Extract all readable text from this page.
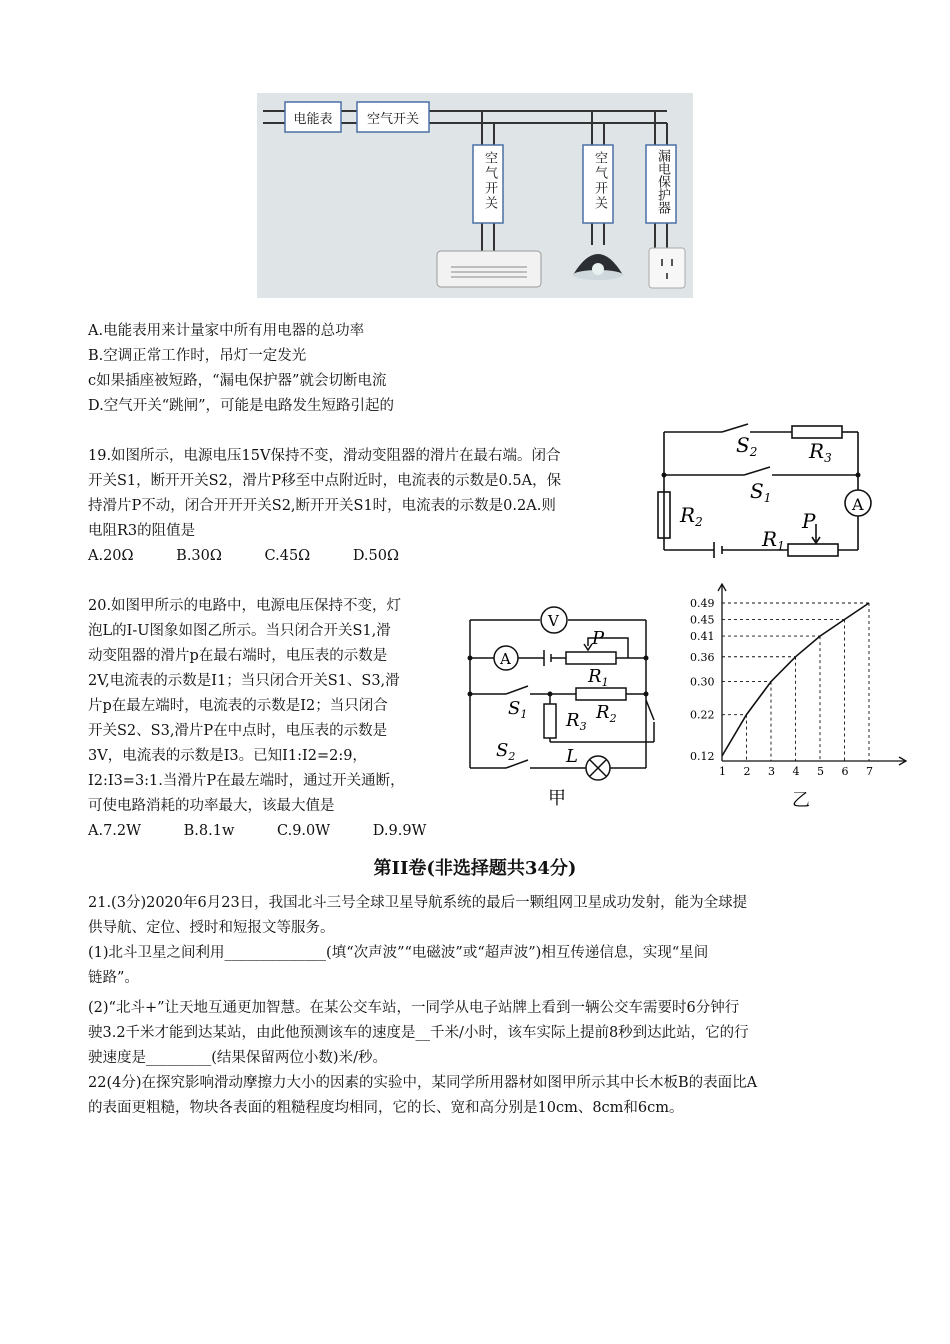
电能表	空气开关
空气开关	空气开关	漏电保护器
A.电能表用来计量家中所有用电器的总功率
B.空调正常工作时，吊灯一定发光
c如果插座被短路，“漏电保护器”就会切断电流
D.空气开关“跳闸”，可能是电路发生短路引起的
19.如图所示，电源电压15V保持不变，滑动变阻器的滑片在最右端。闭合
开关S1，断开开关S2，滑片P移至中点附近时，电流表的示数是0.5A，保
持滑片P不动，闭合开开开关S2,断开开关S1时，电流表的示数是0.2A.则
电阻R3的阻值是
A.20Ω	B.30Ω	C.45Ω	D.50Ω
$S_2$	$R_3$
$S_1$
$R_2$
A
P
$R_1$
20.如图甲所示的电路中，电源电压保持不变，灯
泡L的I-U图象如图乙所示。当只闭合开关S1,滑
动变阻器的滑片p在最右端时，电压表的示数是
2V,电流表的示数是I1；当只闭合开关S1、S3,滑
片p在最左端时，电流表的示数是I2；当只闭合
开关S2、S3,滑片P在中点时，电压表的示数是
3V，电流表的示数是I3。已知I1:I2=2:9，
I2:I3=3:1.当滑片P在最左端时，通过开关通断，
可使电路消耗的功率最大，该最大值是
A.7.2W	B.8.1w	C.9.0W	D.9.9W
V
A
P
$R_1$
$S_1$	$R_2$
$R_3$
$S_2$	L
甲
1 2 3 4 5 6 7
0.12
0.22
0.30
0.36
0.41
0.45
0.49
乙
第II卷(非选择题共34分)
21.(3分)2020年6月23日，我国北斗三号全球卫星导航系统的最后一颗组网卫星成功发射，能为全球提
供导航、定位、授时和短报文等服务。
(1)北斗卫星之间利用______________(填“次声波”“电磁波”或“超声波”)相互传递信息，实现“星间
链路”。
(2)“北斗+”让天地互通更加智慧。在某公交车站，一同学从电子站牌上看到一辆公交车需要时6分钟行
驶3.2千米才能到达某站，由此他预测该车的速度是__千米/小时，该车实际上提前8秒到达此站，它的行
驶速度是_________(结果保留两位小数)米/秒。
22(4分)在探究影响滑动摩擦力大小的因素的实验中，某同学所用器材如图甲所示其中长木板B的表面比A
的表面更粗糙，物块各表面的粗糙程度均相同，它的长、宽和高分别是10cm、8cm和6cm。
